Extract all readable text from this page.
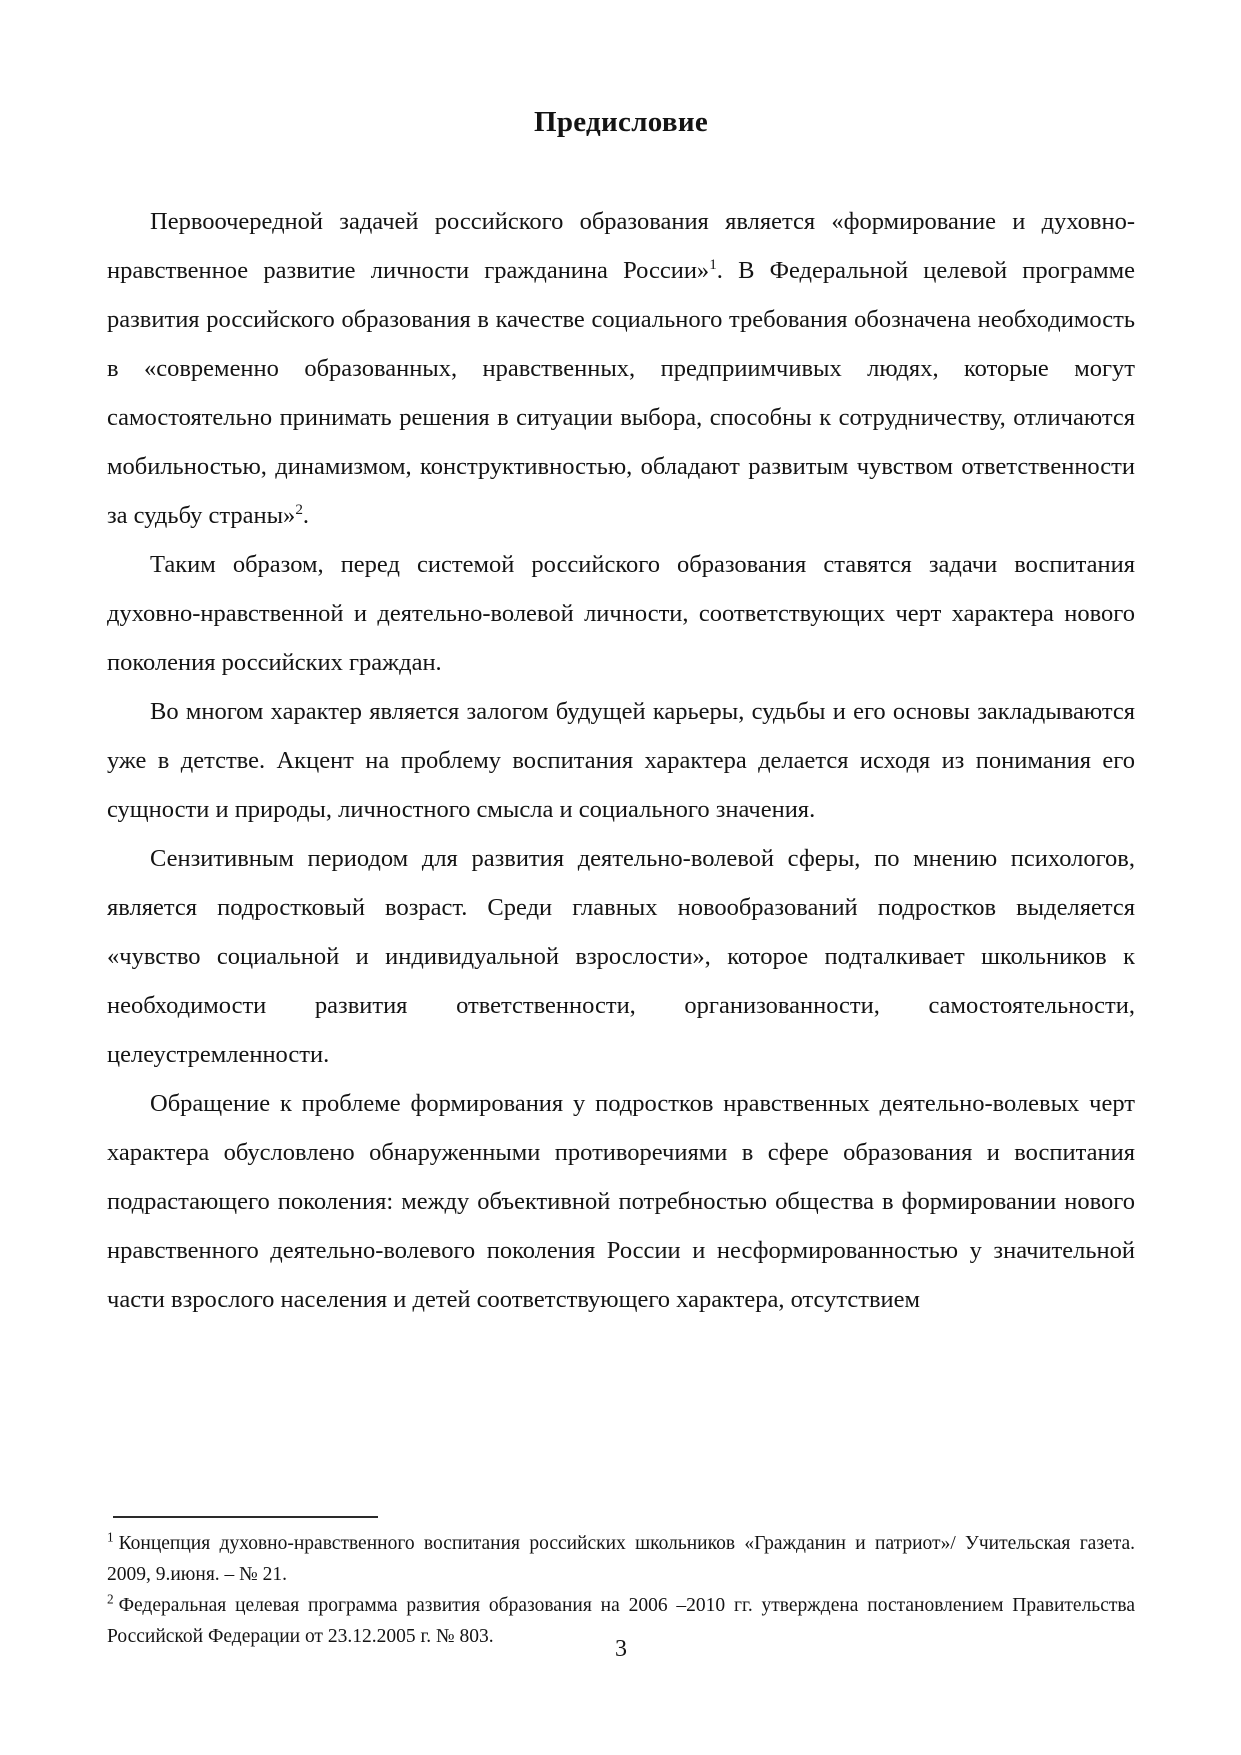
Предисловие

Первоочередной задачей российского образования является «формирование и духовно-нравственное развитие личности гражданина России»$^1$. В Федеральной целевой программе развития российского образования в качестве социального требования обозначена необходимость в «современно образованных, нравственных, предприимчивых людях, которые могут самостоятельно принимать решения в ситуации выбора, способны к сотрудничеству, отличаются мобильностью, динамизмом, конструктивностью, обладают развитым чувством ответственности за судьбу страны»$^2$.

Таким образом, перед системой российского образования ставятся задачи воспитания духовно-нравственной и деятельно-волевой личности, соответствующих черт характера нового поколения российских граждан.

Во многом характер является залогом будущей карьеры, судьбы и его основы закладываются уже в детстве. Акцент на проблему воспитания характера делается исходя из понимания его сущности и природы, личностного смысла и социального значения.

Сензитивным периодом для развития деятельно-волевой сферы, по мнению психологов, является подростковый возраст. Среди главных новообразований подростков выделяется «чувство социальной и индивидуальной взрослости», которое подталкивает школьников к необходимости развития ответственности, организованности, самостоятельности, целеустремленности.

Обращение к проблеме формирования у подростков нравственных деятельно-волевых черт характера обусловлено обнаруженными противоречиями в сфере образования и воспитания подрастающего поколения: между объективной потребностью общества в формировании нового нравственного деятельно-волевого поколения России и несформированностью у значительной части взрослого населения и детей соответствующего характера, отсутствием

$^1$ Концепция духовно-нравственного воспитания российских школьников «Гражданин и патриот»/ Учительская газета. 2009, 9.июня. – № 21.

$^2$ Федеральная целевая программа развития образования на 2006 –2010 гг. утверждена постановлением Правительства Российской Федерации от 23.12.2005 г. № 803.	3
